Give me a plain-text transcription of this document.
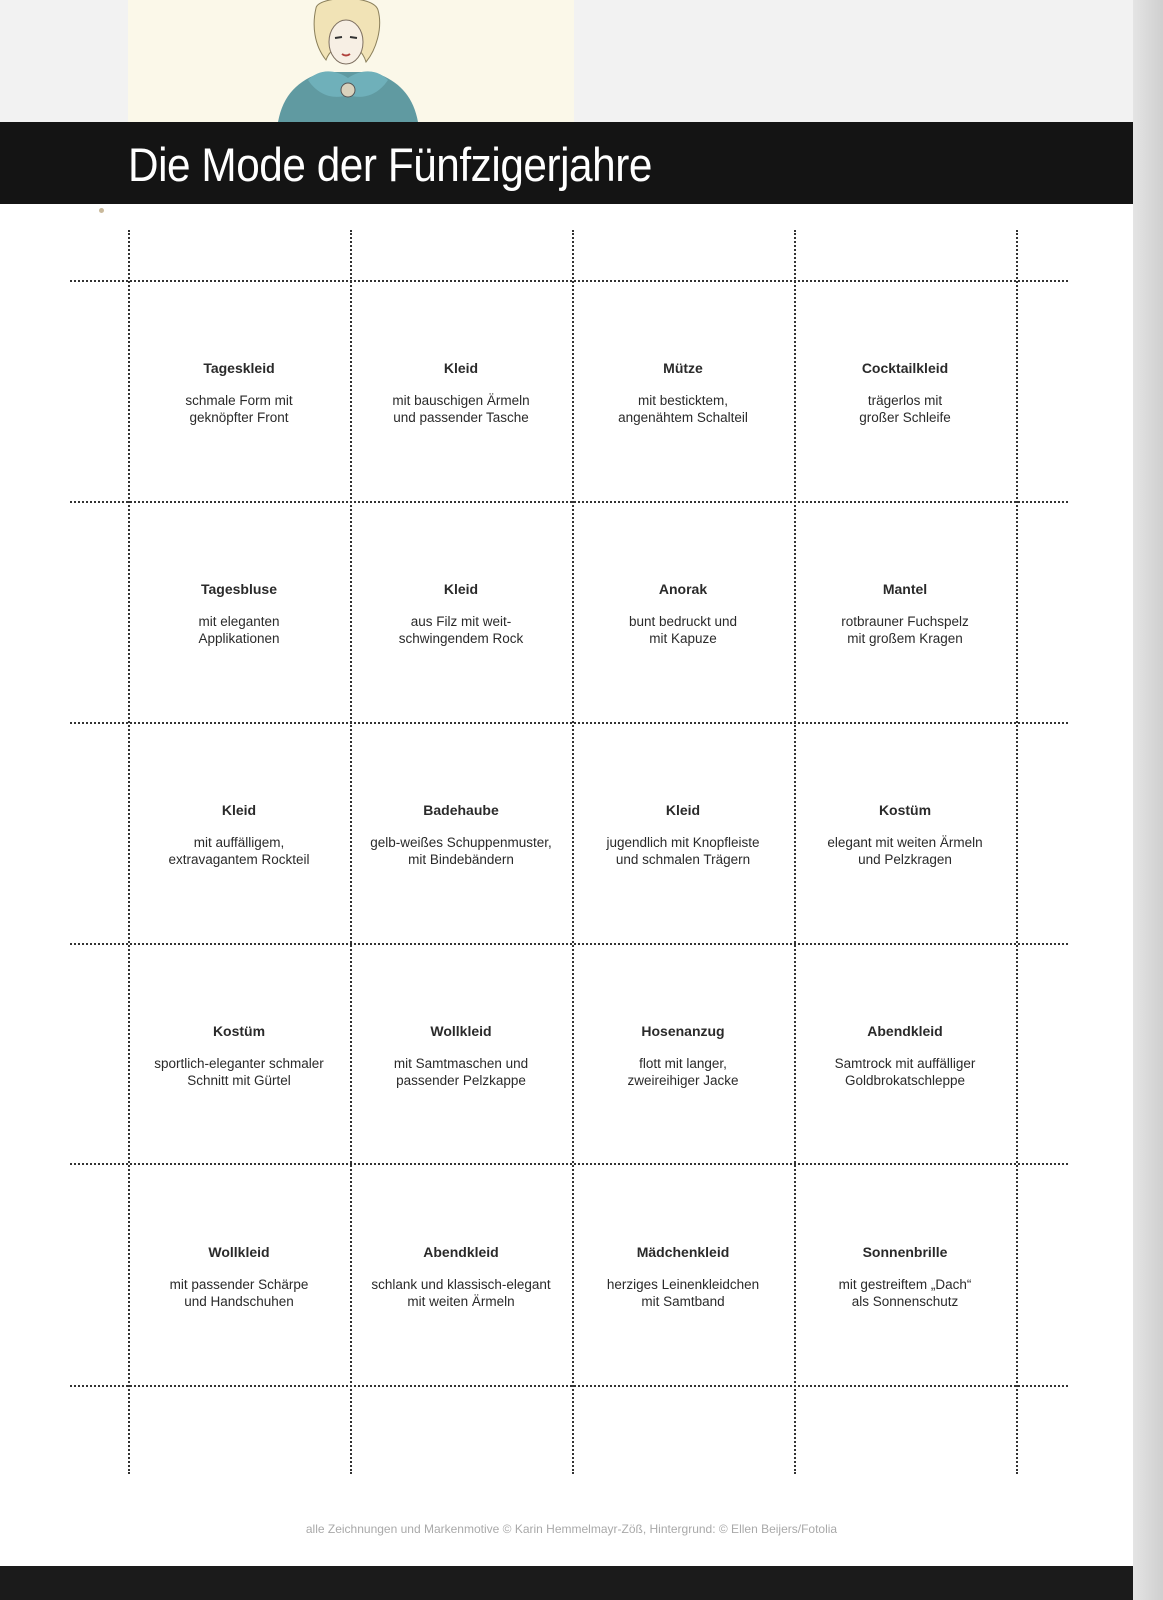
Die Mode der Fünfzigerjahre
Tageskleid
schmale Form mit
geknöpfter Front
Kleid
mit bauschigen Ärmeln
und passender Tasche
Mütze
mit besticktem,
angenähtem Schalteil
Cocktailkleid
trägerlos mit
großer Schleife
Tagesbluse
mit eleganten
Applikationen
Kleid
aus Filz mit weit-
schwingendem Rock
Anorak
bunt bedruckt und
mit Kapuze
Mantel
rotbrauner Fuchspelz
mit großem Kragen
Kleid
mit auffälligem,
extravagantem Rockteil
Badehaube
gelb-weißes Schuppenmuster,
mit Bindebändern
Kleid
jugendlich mit Knopfleiste
und schmalen Trägern
Kostüm
elegant mit weiten Ärmeln
und Pelzkragen
Kostüm
sportlich-eleganter schmaler
Schnitt mit Gürtel
Wollkleid
mit Samtmaschen und
passender Pelzkappe
Hosenanzug
flott mit langer,
zweireihiger Jacke
Abendkleid
Samtrock mit auffälliger
Goldbrokatschleppe
Wollkleid
mit passender Schärpe
und Handschuhen
Abendkleid
schlank und klassisch-elegant
mit weiten Ärmeln
Mädchenkleid
herziges Leinenkleidchen
mit Samtband
Sonnenbrille
mit gestreiftem „Dach“
als Sonnenschutz
alle Zeichnungen und Markenmotive © Karin Hemmelmayr-Zöß, Hintergrund: © Ellen Beijers/Fotolia
